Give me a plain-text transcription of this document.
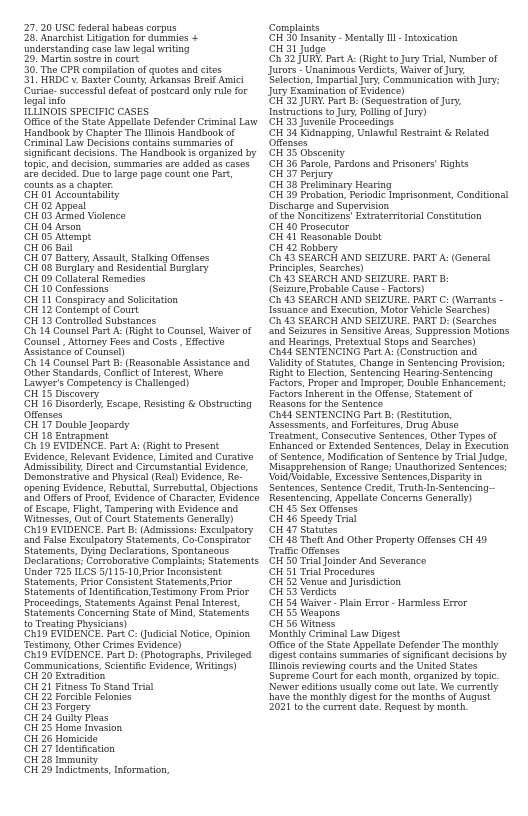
27. 20 USC federal habeas corpus

28. Anarchist Litigation for dummies + understanding case law legal writing

29. Martin sostre in court

30. The CPR compilation of quotes and cites

31. HRDC v. Baxter County, Arkansas Breif Amici Curiae- successful defeat of postcard only rule for legal info

ILLINOIS SPECIFIC CASES

Office of the State Appellate Defender Criminal Law Handbook by Chapter The Illinois Handbook of Criminal Law Decisions contains summaries of significant decisions. The Handbook is organized by topic, and decision, summaries are added as cases are decided. Due to large page count one Part, counts as a chapter.

CH 01 Accountability

CH 02 Appeal

CH 03 Armed Violence

CH 04 Arson

CH 05 Attempt

CH 06 Bail

CH 07 Battery, Assault, Stalking Offenses

CH 08 Burglary and Residential Burglary

CH 09 Collateral Remedies

CH 10 Confessions

CH 11 Conspiracy and Solicitation

CH 12 Contempt of Court

CH 13 Controlled Substances

Ch 14 Counsel Part A: (Right to Counsel, Waiver of Counsel , Attorney Fees and Costs , Effective Assistance of Counsel)

Ch 14 Counsel Part B: (Reasonable Assistance and Other Standards, Conflict of Interest, Where Lawyer's Competency is Challenged)

CH 15 Discovery

CH 16 Disorderly, Escape, Resisting & Obstructing Offenses

CH 17 Double Jeopardy

CH 18 Entrapment

Ch 19 EVIDENCE. Part A: (Right to Present Evidence, Relevant Evidence, Limited and Curative Admissibility, Direct and Circumstantial Evidence, Demonstrative and Physical (Real) Evidence, Re-opening Evidence, Rebuttal, Surrebuttal, Objections and Offers of Proof, Evidence of Character, Evidence of Escape, Flight, Tampering with Evidence and Witnesses, Out of Court Statements Generally)

Ch19 EVIDENCE. Part B: (Admissions: Exculpatory and False Exculpatory Statements, Co-Conspirator Statements, Dying Declarations, Spontaneous Declarations; Corroborative Complaints; Statements Under 725 ILCS 5/115-10,Prior Inconsistent Statements, Prior Consistent Statements,Prior Statements of Identification,Testimony From Prior Proceedings, Statements Against Penal Interest, Statements Concerning State of Mind, Statements to Treating Physicians)

Ch19 EVIDENCE. Part C: (Judicial Notice, Opinion Testimony, Other Crimes Evidence)

Ch19 EVIDENCE. Part D: (Photographs, Privileged Communications, Scientific Evidence, Writings)

CH 20 Extradition

CH 21 Fitness To Stand Trial

CH 22 Forcible Felonies

CH 23 Forgery

CH 24 Guilty Pleas

CH 25 Home Invasion

CH 26 Homicide

CH 27 Identification

CH 28 Immunity

CH 29 Indictments, Information,

Complaints

CH 30 Insanity - Mentally Ill - Intoxication

CH 31 Judge

Ch 32 JURY. Part A: (Right to Jury Trial, Number of Jurors - Unanimous Verdicts, Waiver of Jury, Selection, Impartial Jury, Communication with Jury; Jury Examination of Evidence)

CH 32 JURY. Part B: (Sequestration of Jury, Instructions to Jury, Polling of Jury)

CH 33 Juvenile Proceedings

CH 34 Kidnapping, Unlawful Restraint & Related Offenses

CH 35 Obscenity

CH 36 Parole, Pardons and Prisoners' Rights

CH 37 Perjury

CH 38 Preliminary Hearing

CH 39 Probation, Periodic Imprisonment, Conditional Discharge and Supervision

of the Noncitizens' Extraterritorial Constitution

CH 40 Prosecutor

CH 41 Reasonable Doubt

CH 42 Robbery

Ch 43 SEARCH AND SEIZURE. PART A: (General Principles, Searches)

Ch 43 SEARCH AND SEIZURE. PART B: (Seizure,Probable Cause - Factors)

Ch 43 SEARCH AND SEIZURE. PART C: (Warrants – Issuance and Execution, Motor Vehicle Searches)

Ch 43 SEARCH AND SEIZURE. PART D: (Searches and Seizures in Sensitive Areas, Suppression Motions and Hearings, Pretextual Stops and Searches)

Ch44 SENTENCING Part A: (Construction and Validity of Statutes, Change in Sentencing Provision; Right to Election, Sentencing Hearing-Sentencing Factors, Proper and Improper, Double Enhancement; Factors Inherent in the Offense, Statement of Reasons for the Sentence

Ch44 SENTENCING Part B: (Restitution, Assessments, and Forfeitures, Drug Abuse Treatment, Consecutive Sentences, Other Types of Enhanced or Extended Sentences, Delay in Execution of Sentence, Modification of Sentence by Trial Judge, Misapprehension of Range; Unauthorized Sentences; Void/Voidable, Excessive Sentences,Disparity in Sentences, Sentence Credit, Truth-In-Sentencing--Resentencing, Appellate Concerns Generally)

CH 45 Sex Offenses

CH 46 Speedy Trial

CH 47 Statutes

CH 48 Theft And Other Property Offenses CH 49 Traffic Offenses

CH 50 Trial Joinder And Severance

CH 51 Trial Procedures

CH 52 Venue and Jurisdiction

CH 53 Verdicts

CH 54 Waiver - Plain Error - Harmless Error

CH 55 Weapons

CH 56 Witness

Monthly Criminal Law Digest

Office of the State Appellate Defender The monthly digest contains summaries of significant decisions by Illinois reviewing courts and the United States Supreme Court for each month, organized by topic. Newer editions usually come out late. We currently have the monthly digest for the months of August 2021 to the current date. Request by month.
